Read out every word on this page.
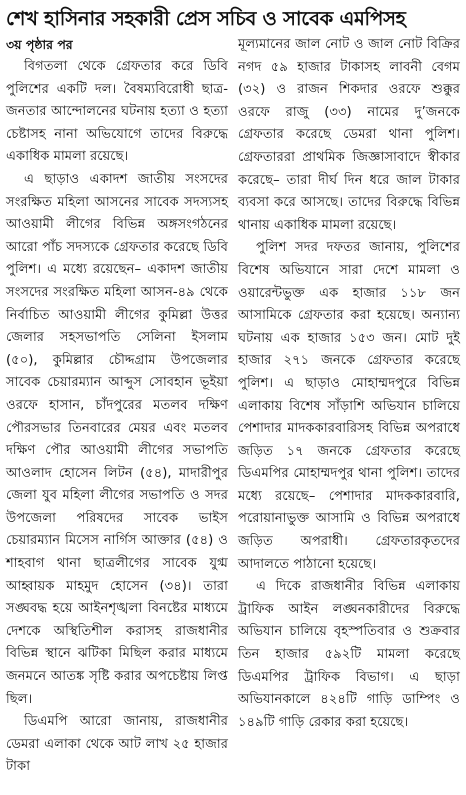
শেখ হাসিনার সহকারী প্রেস সচিব ও সাবেক এমপিসহ
৩য় পৃষ্ঠার পর

বিগতলা থেকে গ্রেফতার করে ডিবি পুলিশের একটি দল। বৈষম্যবিরোধী ছাত্র-জনতার আন্দোলনের ঘটনায় হত্যা ও হত্যা চেষ্টাসহ নানা অভিযোগে তাদের বিরুদ্ধে একাধিক মামলা রয়েছে।

এ ছাড়াও একাদশ জাতীয় সংসদের সংরক্ষিত মহিলা আসনের সাবেক সদস্যসহ আওয়ামী লীগের বিভিন্ন অঙ্গসংগঠনের আরো পাঁচ সদস্যকে গ্রেফতার করেছে ডিবি পুলিশ। এ মধ্যে রয়েছেন– একাদশ জাতীয় সংসদের সংরক্ষিত মহিলা আসন-৪৯ থেকে নির্বাচিত আওয়ামী লীগের কুমিল্লা উত্তর জেলার সহসভাপতি সেলিনা ইসলাম (৫০), কুমিল্লার চৌদ্দগ্রাম উপজেলার সাবেক চেয়ারম্যান আব্দুস সোবহান ভূইয়া ওরফে হাসান, চাঁদপুরের মতলব দক্ষিণ পৌরসভার তিনবারের মেয়র এবং মতলব দক্ষিণ পৌর আওয়ামী লীগের সভাপতি আওলাদ হোসেন লিটন (৫৪), মাদারীপুর জেলা যুব মহিলা লীগের সভাপতি ও সদর উপজেলা পরিষদের সাবেক ভাইস চেয়ারম্যান মিসেস নার্গিস আক্তার (৫৪) ও শাহবাগ থানা ছাত্রলীগের সাবেক যুগ্ম আহ্বায়ক মাহমুদ হোসেন (৩৪)। তারা সঙ্ঘবদ্ধ হয়ে আইনশৃঙ্খলা বিনষ্টের মাধ্যমে দেশকে অস্থিতিশীল করাসহ রাজধানীর বিভিন্ন স্থানে ঝটিকা মিছিল করার মাধ্যমে জনমনে আতঙ্ক সৃষ্টি করার অপচেষ্টায় লিপ্ত ছিল।

ডিএমপি আরো জানায়, রাজধানীর ডেমরা এলাকা থেকে আট লাখ ২৫ হাজার টাকা

মূল্যমানের জাল নোট ও জাল নোট বিক্রির নগদ ৫৯ হাজার টাকাসহ লাবনী বেগম (৩২) ও রাজন শিকদার ওরফে শুক্কুর ওরফে রাজু (৩৩) নামের দু’জনকে গ্রেফতার করেছে ডেমরা থানা পুলিশ। গ্রেফতাররা প্রাথমিক জিজ্ঞাসাবাদে স্বীকার করেছে– তারা দীর্ঘ দিন ধরে জাল টাকার ব্যবসা করে আসছে। তাদের বিরুদ্ধে বিভিন্ন থানায় একাধিক মামলা রয়েছে।

পুলিশ সদর দফতর জানায়, পুলিশের বিশেষ অভিযানে সারা দেশে মামলা ও ওয়ারেন্টভুক্ত এক হাজার ১১৮ জন আসামিকে গ্রেফতার করা হয়েছে। অন্যান্য ঘটনায় এক হাজার ১৫৩ জন। মোট দুই হাজার ২৭১ জনকে গ্রেফতার করেছে পুলিশ। এ ছাড়াও মোহাম্মদপুরে বিভিন্ন এলাকায় বিশেষ সাঁড়াশি অভিযান চালিয়ে পেশাদার মাদককারবারিসহ বিভিন্ন অপরাধে জড়িত ১৭ জনকে গ্রেফতার করেছে ডিএমপির মোহাম্মদপুর থানা পুলিশ। তাদের মধ্যে রয়েছে– পেশাদার মাদককারবারি, পরোয়ানাভুক্ত আসামি ও বিভিন্ন অপরাধে জড়িত অপরাধী। গ্রেফতারকৃতদের আদালতে পাঠানো হয়েছে।

এ দিকে রাজধানীর বিভিন্ন এলাকায় ট্রাফিক আইন লঙ্ঘনকারীদের বিরুদ্ধে অভিযান চালিয়ে বৃহস্পতিবার ও শুক্রবার তিন হাজার ৫৯২টি মামলা করেছে ডিএমপির ট্রাফিক বিভাগ। এ ছাড়া অভিযানকালে ৪২৪টি গাড়ি ডাম্পিং ও ১৪৯টি গাড়ি রেকার করা হয়েছে।
